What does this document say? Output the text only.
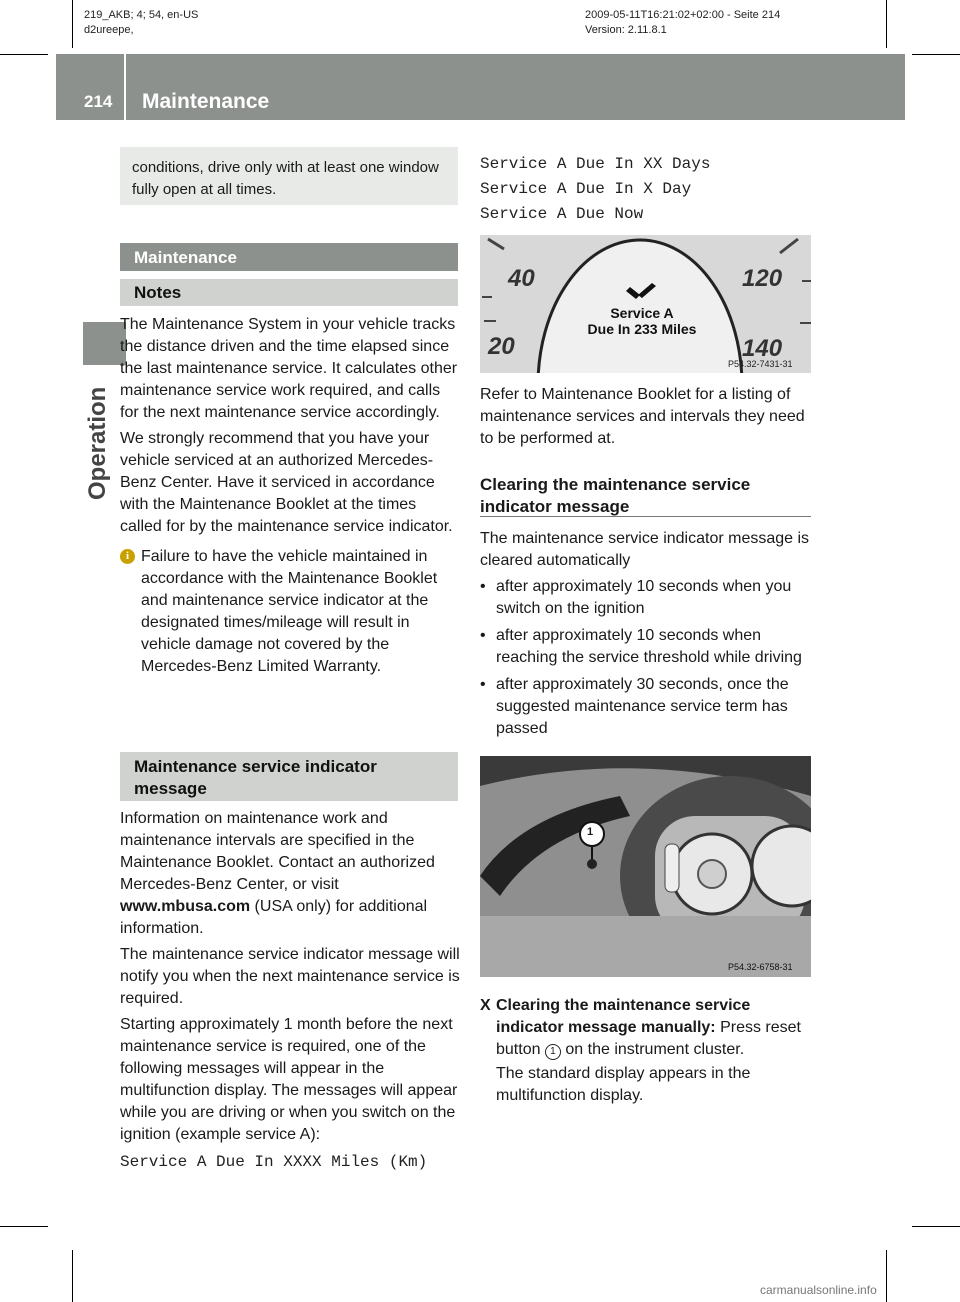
219_AKB; 4; 54, en-US
d2ureepe,
2009-05-11T16:21:02+02:00 - Seite 214
Version: 2.11.8.1
214 Maintenance
Operation
conditions, drive only with at least one window fully open at all times.
Maintenance
Notes

The Maintenance System in your vehicle tracks the distance driven and the time elapsed since the last maintenance service. It calculates other maintenance service work required, and calls for the next maintenance service accordingly.

We strongly recommend that you have your vehicle serviced at an authorized Mercedes-Benz Center. Have it serviced in accordance with the Maintenance Booklet at the times called for by the maintenance service indicator.

i Failure to have the vehicle maintained in accordance with the Maintenance Booklet and maintenance service indicator at the designated times/mileage will result in vehicle damage not covered by the Mercedes-Benz Limited Warranty.
Maintenance service indicator message

Information on maintenance work and maintenance intervals are specified in the Maintenance Booklet. Contact an authorized Mercedes-Benz Center, or visit www.mbusa.com (USA only) for additional information.

The maintenance service indicator message will notify you when the next maintenance service is required.

Starting approximately 1 month before the next maintenance service is required, one of the following messages will appear in the multifunction display. The messages will appear while you are driving or when you switch on the ignition (example service A):

Service A Due In XXXX Miles (Km)
Service A Due In XX Days
Service A Due In X Day
Service A Due Now
40
20
120
140
Service A
Due In 233 Miles
P54.32-7431-31
Refer to Maintenance Booklet for a listing of maintenance services and intervals they need to be performed at.
Clearing the maintenance service indicator message

The maintenance service indicator message is cleared automatically

• after approximately 10 seconds when you switch on the ignition
• after approximately 10 seconds when reaching the service threshold while driving
• after approximately 30 seconds, once the suggested maintenance service term has passed
1
P54.32-6758-31
X Clearing the maintenance service indicator message manually: Press reset button 1 on the instrument cluster.
The standard display appears in the multifunction display.
carmanualsonline.info
